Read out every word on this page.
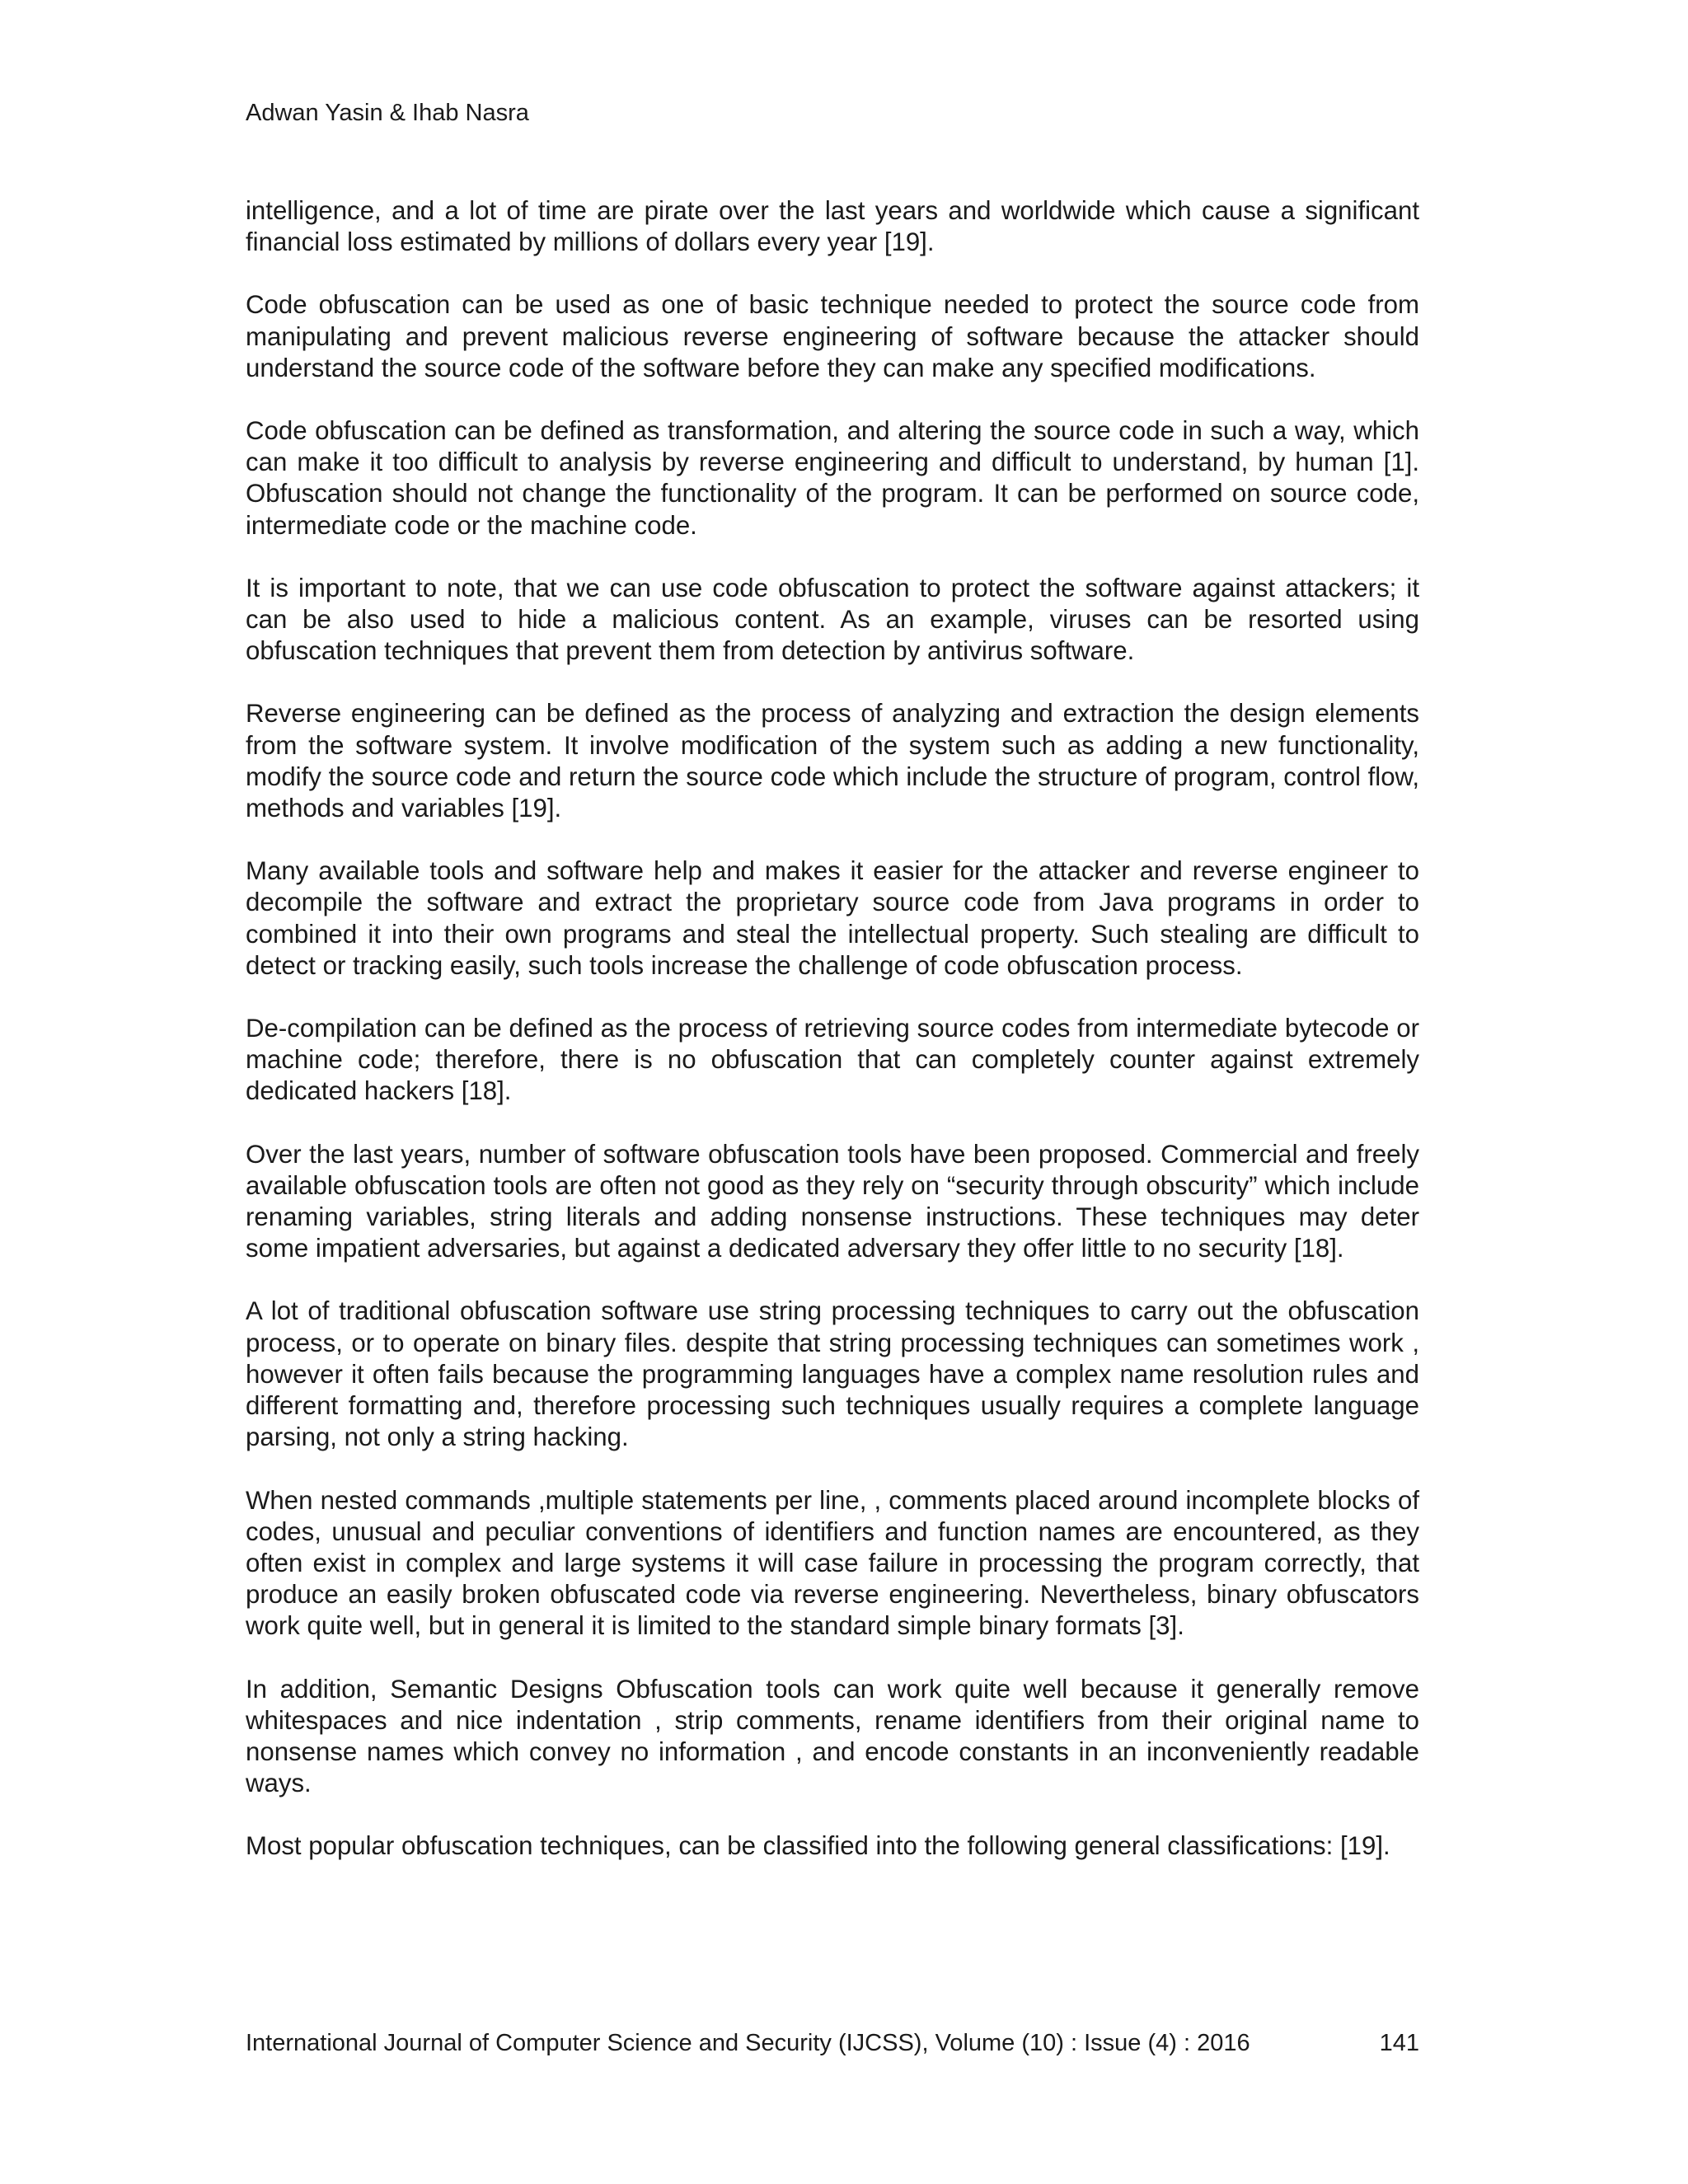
Adwan Yasin & Ihab Nasra

intelligence, and a lot of time are pirate over the last years and worldwide which cause a significant financial loss estimated by millions of dollars every year [19].

Code obfuscation can be used as one of basic technique needed to protect the source code from manipulating and prevent malicious reverse engineering of software because the attacker should understand the source code of the software before they can make any specified modifications.

Code obfuscation can be defined as transformation, and altering the source code in such a way, which can make it too difficult to analysis by reverse engineering and difficult to understand, by human [1]. Obfuscation should not change the functionality of the program. It can be performed on source code, intermediate code or the machine code.

It is important to note, that we can use code obfuscation to protect the software against attackers; it can be also used to hide a malicious content. As an example, viruses can be resorted using obfuscation techniques that prevent them from detection by antivirus software.

Reverse engineering can be defined as the process of analyzing and extraction the design elements from the software system. It involve modification of the system such as adding a new functionality, modify the source code and return the source code which include the structure of program, control flow, methods and variables [19].

Many available tools and software help and makes it easier for the attacker and reverse engineer to decompile the software and extract the proprietary source code from Java programs in order to combined it into their own programs and steal the intellectual property. Such stealing are difficult to detect or tracking easily, such tools increase the challenge of code obfuscation process.

De-compilation can be defined as the process of retrieving source codes from intermediate bytecode or machine code; therefore, there is no obfuscation that can completely counter against extremely dedicated hackers [18].

Over the last years, number of software obfuscation tools have been proposed. Commercial and freely available obfuscation tools are often not good as they rely on “security through obscurity” which include renaming variables, string literals and adding nonsense instructions. These techniques may deter some impatient adversaries, but against a dedicated adversary they offer little to no security [18].

A lot of traditional obfuscation software use string processing techniques to carry out the obfuscation process, or to operate on binary files. despite that string processing techniques can sometimes work , however it often fails because the programming languages have a complex name resolution rules and different formatting and, therefore processing such techniques usually requires a complete language parsing, not only a string hacking.

When nested commands ,multiple statements per line, , comments placed around incomplete blocks of codes, unusual and peculiar conventions of identifiers and function names are encountered, as they often exist in complex and large systems it will case failure in processing the program correctly, that produce an easily broken obfuscated code via reverse engineering. Nevertheless, binary obfuscators work quite well, but in general it is limited to the standard simple binary formats [3].

In addition, Semantic Designs Obfuscation tools can work quite well because it generally remove whitespaces and nice indentation , strip comments, rename identifiers from their original name to nonsense names which convey no information , and encode constants in an inconveniently readable ways.

Most popular obfuscation techniques, can be classified into the following general classifications: [19].

International Journal of Computer Science and Security (IJCSS), Volume (10) : Issue (4) : 2016	141
